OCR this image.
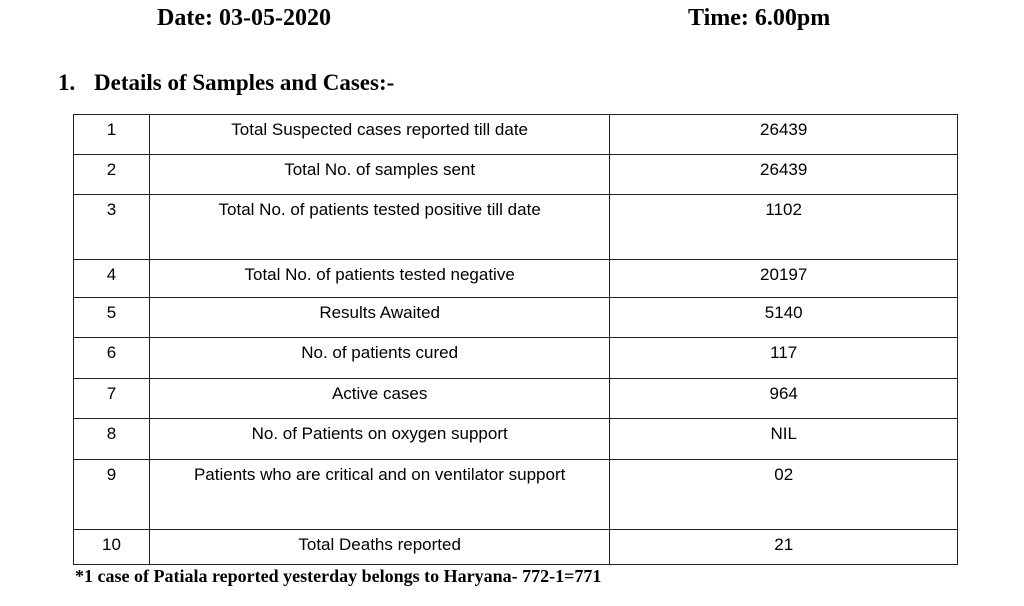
Date: 03-05-2020	Time: 6.00pm
1. Details of Samples and Cases:-
1	Total Suspected cases reported till date	26439
2	Total No. of samples sent	26439
3	Total No. of patients tested positive till date	1102
4	Total No. of patients tested negative	20197
5	Results Awaited	5140
6	No. of patients cured	117
7	Active cases	964
8	No. of Patients on oxygen support	NIL
9	Patients who are critical and on ventilator support	02
10	Total Deaths reported	21
*1 case of Patiala reported yesterday belongs to Haryana- 772-1=771
